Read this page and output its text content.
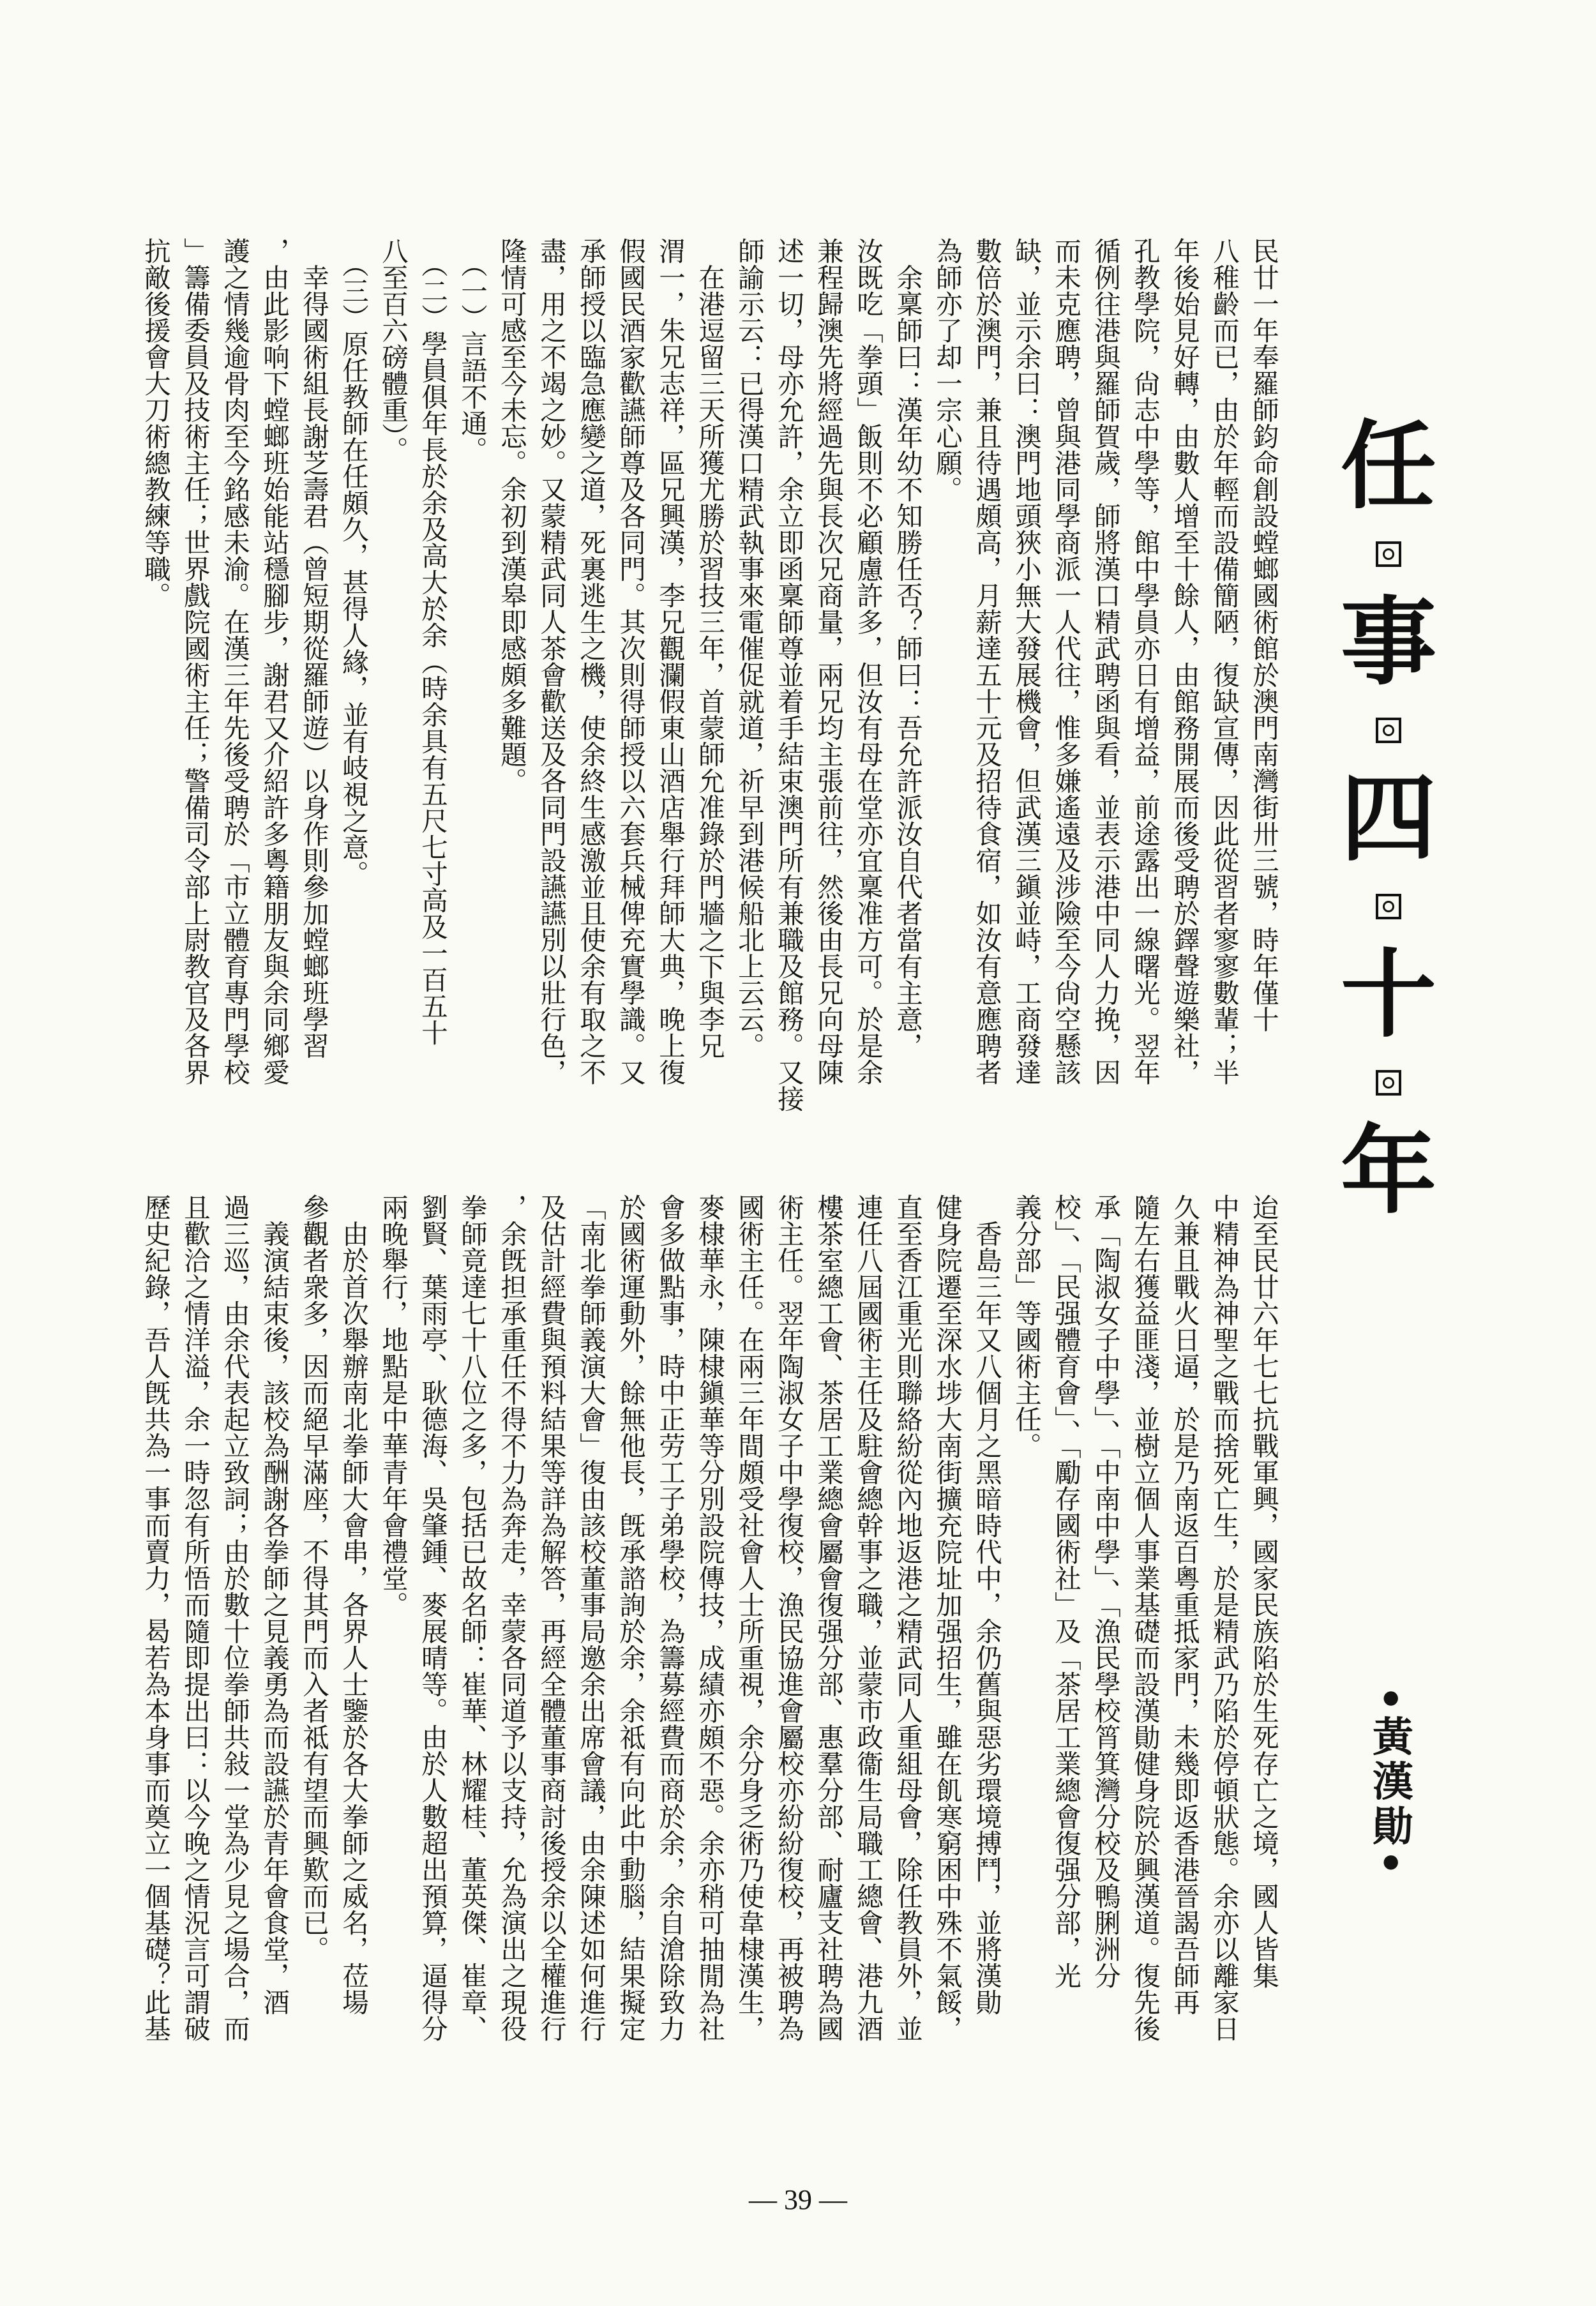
任
事
四
十
年
•黃漢勛•

民廿一年奉羅師鈞命創設螳螂國術館於澳門南灣街卅三號，時年僅十

八稚齡而已，由於年輕而設備簡陋，復缺宣傳，因此從習者寥寥數輩；半

年後始見好轉，由數人增至十餘人，由館務開展而後受聘於鐸聲遊樂社，

孔教學院，尙志中學等，館中學員亦日有增益，前途露出一線曙光。翌年

循例往港與羅師賀歲，師將漢口精武聘函與看，並表示港中同人力挽，因

而未克應聘，曾與港同學商派一人代往，惟多嫌遙遠及涉險至今尙空懸該

缺，並示余曰：澳門地頭狹小無大發展機會，但武漢三鎭並峙，工商發達

數倍於澳門，兼且待遇頗高，月薪達五十元及招待食宿，如汝有意應聘者

為師亦了却一宗心願。

　余稟師曰：漢年幼不知勝任否？師曰：吾允許派汝自代者當有主意，

汝既吃「拳頭」飯則不必顧慮許多，但汝有母在堂亦宜稟准方可。於是余

兼程歸澳先將經過先與長次兄商量，兩兄均主張前往，然後由長兄向母陳

述一切，母亦允許，余立即函稟師尊並着手結束澳門所有兼職及館務。又接

師諭示云：已得漢口精武執事來電催促就道，祈早到港候船北上云云。

　在港逗留三天所獲尤勝於習技三年，首蒙師允准錄於門牆之下與李兄

渭一，朱兄志祥，區兄興漢，李兄觀瀾假東山酒店舉行拜師大典，晚上復

假國民酒家歡讌師尊及各同門。其次則得師授以六套兵械俾充實學識。又

承師授以臨急應變之道，死裏逃生之機，使余終生感激並且使余有取之不

盡，用之不竭之妙。又蒙精武同人茶會歡送及各同門設讌讌別以壯行色，

隆情可感至今未忘。余初到漢皋即感頗多難題。

　（一）言語不通。

　（二）學員俱年長於余及高大於余（時余具有五尺七寸高及一百五十

八至百六磅體重）。

　（三）原任教師在任頗久，甚得人緣，並有岐視之意。

　幸得國術組長謝芝壽君（曾短期從羅師遊）以身作則參加螳螂班學習

，由此影响下螳螂班始能站穩腳步，謝君又介紹許多粵籍朋友與余同鄉愛

護之情幾逾骨肉至今銘感未渝。在漢三年先後受聘於「市立體育專門學校

」籌備委員及技術主任；世界戲院國術主任；警備司令部上尉教官及各界

抗敵後援會大刀術總教練等職。

迨至民廿六年七七抗戰軍興，國家民族陷於生死存亡之境，國人皆集

中精神為神聖之戰而捨死亡生，於是精武乃陷於停頓狀態。余亦以離家日

久兼且戰火日逼，於是乃南返百粵重抵家門，未幾即返香港晉謁吾師再

隨左右獲益匪淺，並樹立個人事業基礎而設漢勛健身院於興漢道。復先後

承「陶淑女子中學」、「中南中學」、「漁民學校筲箕灣分校及鴨脷洲分

校」、「民强體育會」、「勵存國術社」及「茶居工業總會復强分部，光

義分部」等國術主任。

　香島三年又八個月之黑暗時代中，余仍舊與惡劣環境搏鬥，並將漢勛

健身院遷至深水埗大南街擴充院址加强招生，雖在飢寒窮困中殊不氣餒，

直至香江重光則聯絡紛從內地返港之精武同人重組母會，除任教員外，並

連任八屆國術主任及駐會總幹事之職，並蒙市政衞生局職工總會、港九酒

樓茶室總工會、茶居工業總會屬會復强分部、惠羣分部、耐廬支社聘為國

術主任。翌年陶淑女子中學復校，漁民協進會屬校亦紛紛復校，再被聘為

國術主任。在兩三年間頗受社會人士所重視，余分身乏術乃使韋棣漢生，

麥棣華永，陳棣鎭華等分別設院傳技，成績亦頗不惡。余亦稍可抽閒為社

會多做點事，時中正劳工子弟學校，為籌募經費而商於余，余自滄除致力

於國術運動外，餘無他長，旣承諮詢於余，余祗有向此中動腦，結果擬定

「南北拳師義演大會」復由該校董事局邀余出席會議，由余陳述如何進行

及估計經費與預料結果等詳為解答，再經全體董事商討後授余以全權進行

，余旣担承重任不得不力為奔走，幸蒙各同道予以支持，允為演出之現役

拳師竟達七十八位之多，包括已故名師：崔華、林耀桂、董英傑、崔章、

劉賢、葉雨亭、耿德海、吳肇鍾、麥展晴等。由於人數超出預算，逼得分

兩晚舉行，地點是中華青年會禮堂。

　由於首次舉辦南北拳師大會串，各界人士鑒於各大拳師之威名，莅場

參觀者衆多，因而絕早滿座，不得其門而入者祗有望而興歎而已。

　義演結束後，該校為酬謝各拳師之見義勇為而設讌於青年會食堂，酒

過三巡，由余代表起立致詞；由於數十位拳師共敍一堂為少見之場合，而

且歡洽之情洋溢，余一時忽有所悟而隨即提出曰：以今晚之情況言可謂破

歷史紀錄，吾人旣共為一事而賣力，曷若為本身事而奠立一個基礎？此基

— 39 —
